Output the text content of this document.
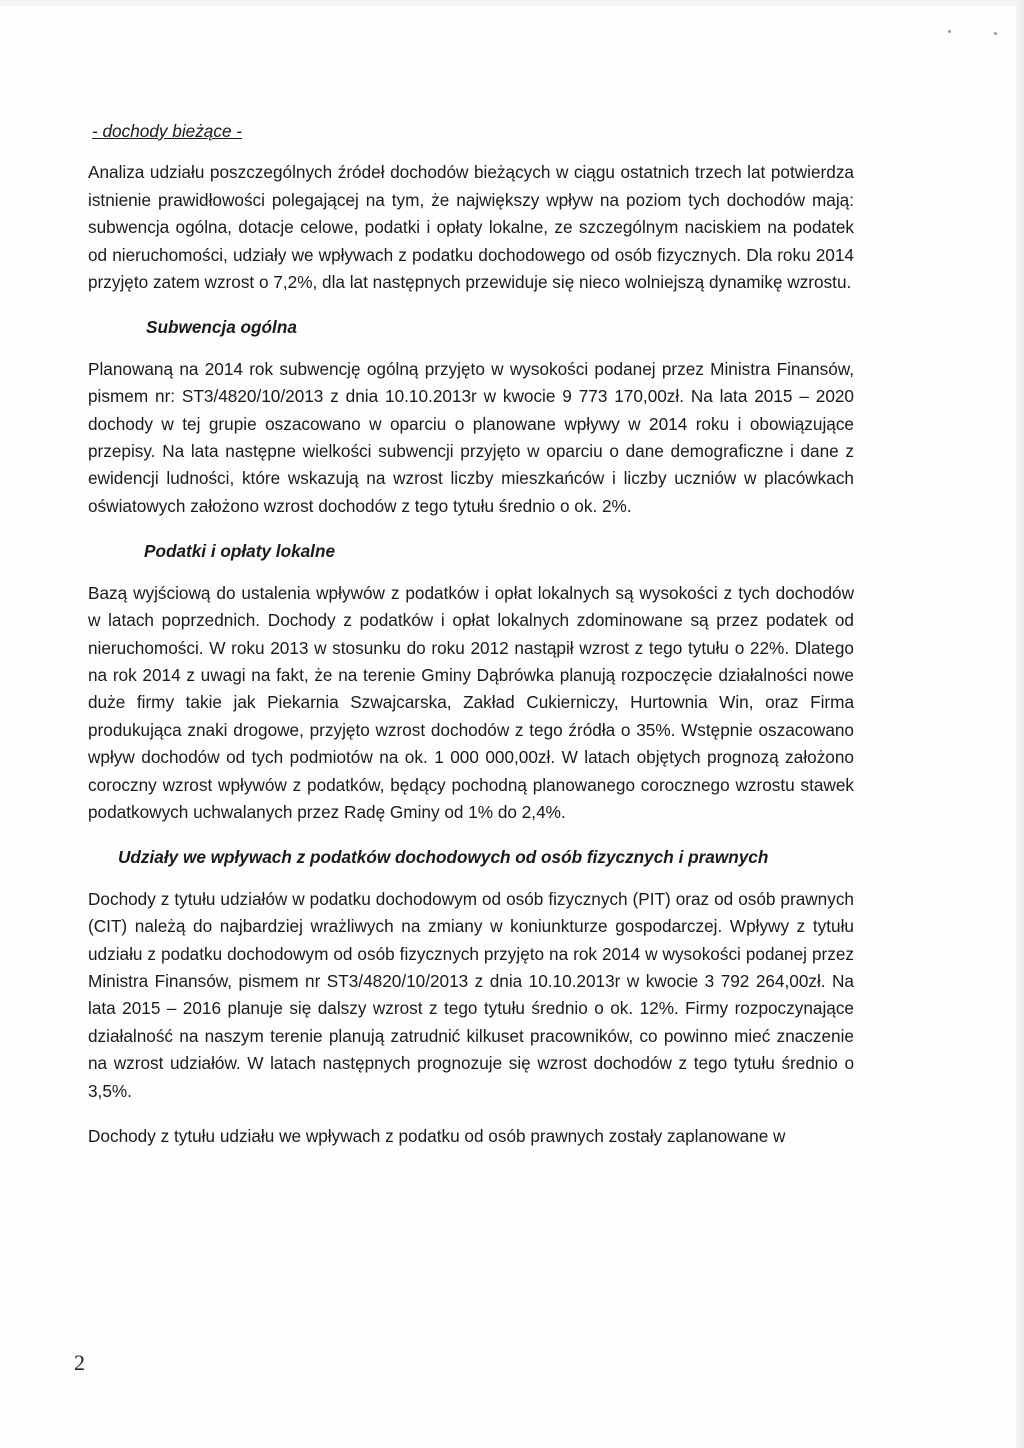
- dochody bieżące -

Analiza udziału poszczególnych źródeł dochodów bieżących w ciągu ostatnich trzech lat potwierdza istnienie prawidłowości polegającej na tym, że największy wpływ na poziom tych dochodów mają: subwencja ogólna, dotacje celowe, podatki i opłaty lokalne, ze szczególnym naciskiem na podatek od nieruchomości, udziały we wpływach z podatku dochodowego od osób fizycznych. Dla roku 2014 przyjęto zatem wzrost o 7,2%, dla lat następnych przewiduje się nieco wolniejszą dynamikę wzrostu.

Subwencja ogólna

Planowaną na 2014 rok subwencję ogólną przyjęto w wysokości podanej przez Ministra Finansów, pismem nr: ST3/4820/10/2013 z dnia 10.10.2013r w kwocie 9 773 170,00zł. Na lata 2015 – 2020 dochody w tej grupie oszacowano w oparciu o planowane wpływy w 2014 roku i obowiązujące przepisy. Na lata następne wielkości subwencji przyjęto w oparciu o dane demograficzne i dane z ewidencji ludności, które wskazują na wzrost liczby mieszkańców i liczby uczniów w placówkach oświatowych założono wzrost dochodów z tego tytułu średnio o ok. 2%.

Podatki i opłaty lokalne

Bazą wyjściową do ustalenia wpływów z podatków i opłat lokalnych są wysokości z tych dochodów w latach poprzednich. Dochody z podatków i opłat lokalnych zdominowane są przez podatek od nieruchomości. W roku 2013 w stosunku do roku 2012 nastąpił wzrost z tego tytułu o 22%. Dlatego na rok 2014 z uwagi na fakt, że na terenie Gminy Dąbrówka planują rozpoczęcie działalności nowe duże firmy takie jak Piekarnia Szwajcarska, Zakład Cukierniczy, Hurtownia Win, oraz Firma produkująca znaki drogowe, przyjęto wzrost dochodów z tego źródła o 35%. Wstępnie oszacowano wpływ dochodów od tych podmiotów na ok. 1 000 000,00zł. W latach objętych prognozą założono coroczny wzrost wpływów z podatków, będący pochodną planowanego corocznego wzrostu stawek podatkowych uchwalanych przez Radę Gminy od 1% do 2,4%.

Udziały we wpływach z podatków dochodowych od osób fizycznych i prawnych

Dochody z tytułu udziałów w podatku dochodowym od osób fizycznych (PIT) oraz od osób prawnych (CIT) należą do najbardziej wrażliwych na zmiany w koniunkturze gospodarczej. Wpływy z tytułu udziału z podatku dochodowym od osób fizycznych przyjęto na rok 2014 w wysokości podanej przez Ministra Finansów, pismem nr ST3/4820/10/2013 z dnia 10.10.2013r w kwocie 3 792 264,00zł. Na lata 2015 – 2016 planuje się dalszy wzrost z tego tytułu średnio o ok. 12%. Firmy rozpoczynające działalność na naszym terenie planują zatrudnić kilkuset pracowników, co powinno mieć znaczenie na wzrost udziałów. W latach następnych prognozuje się wzrost dochodów z tego tytułu średnio o 3,5%.

Dochody z tytułu udziału we wpływach z podatku od osób prawnych zostały zaplanowane w

2
